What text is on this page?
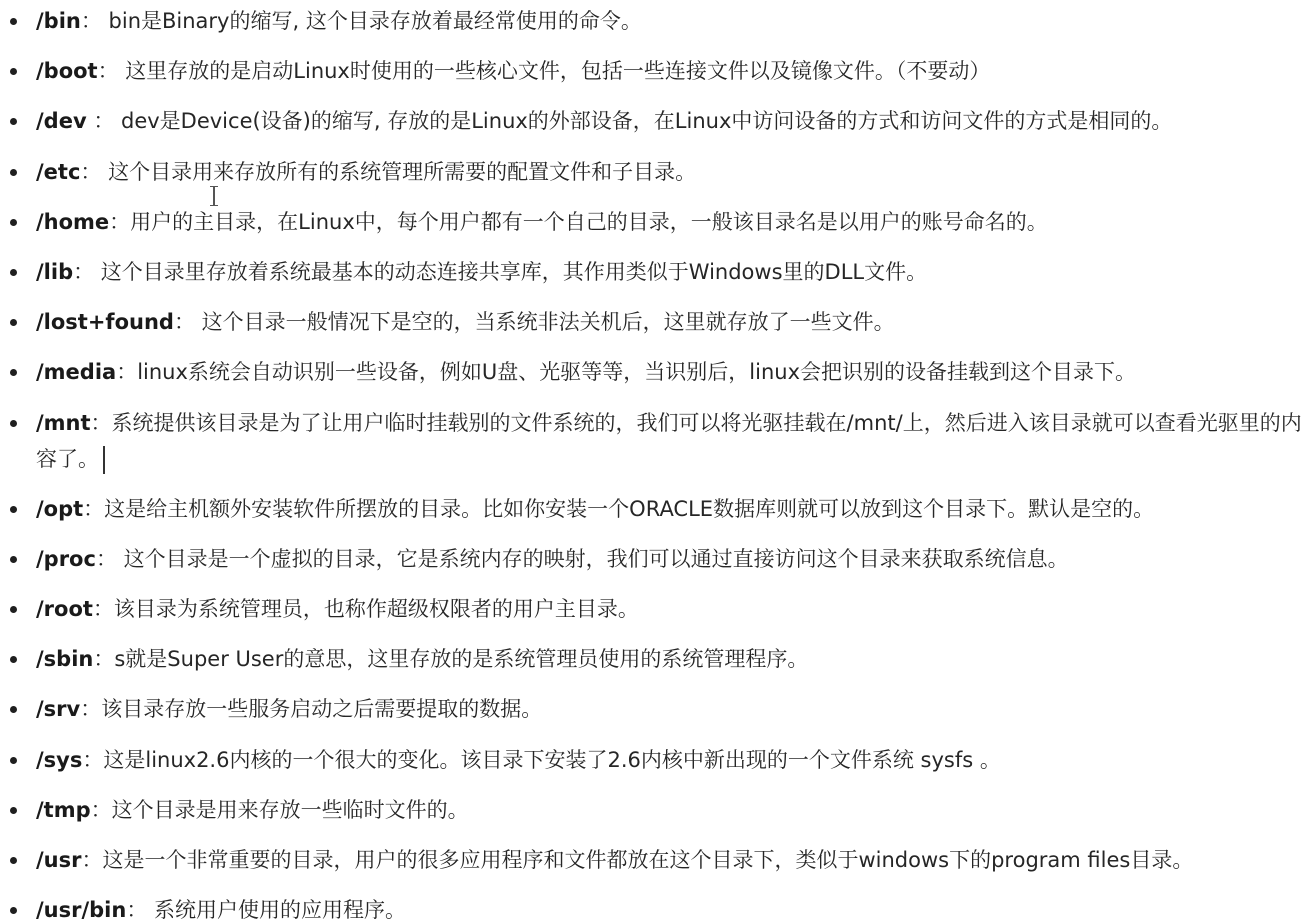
/bin： bin是Binary的缩写, 这个目录存放着最经常使用的命令。
/boot： 这里存放的是启动Linux时使用的一些核心文件，包括一些连接文件以及镜像文件。（不要动）
/dev ： dev是Device(设备)的缩写, 存放的是Linux的外部设备，在Linux中访问设备的方式和访问文件的方式是相同的。
/etc： 这个目录用来存放所有的系统管理所需要的配置文件和子目录。
/home：用户的主目录，在Linux中，每个用户都有一个自己的目录，一般该目录名是以用户的账号命名的。
/lib： 这个目录里存放着系统最基本的动态连接共享库，其作用类似于Windows里的DLL文件。
/lost+found： 这个目录一般情况下是空的，当系统非法关机后，这里就存放了一些文件。
/media：linux系统会自动识别一些设备，例如U盘、光驱等等，当识别后，linux会把识别的设备挂载到这个目录下。
/mnt：系统提供该目录是为了让用户临时挂载别的文件系统的，我们可以将光驱挂载在/mnt/上，然后进入该目录就可以查看光驱里的内容了。
/opt：这是给主机额外安装软件所摆放的目录。比如你安装一个ORACLE数据库则就可以放到这个目录下。默认是空的。
/proc： 这个目录是一个虚拟的目录，它是系统内存的映射，我们可以通过直接访问这个目录来获取系统信息。
/root：该目录为系统管理员，也称作超级权限者的用户主目录。
/sbin：s就是Super User的意思，这里存放的是系统管理员使用的系统管理程序。
/srv：该目录存放一些服务启动之后需要提取的数据。
/sys：这是linux2.6内核的一个很大的变化。该目录下安装了2.6内核中新出现的一个文件系统 sysfs 。
/tmp：这个目录是用来存放一些临时文件的。
/usr：这是一个非常重要的目录，用户的很多应用程序和文件都放在这个目录下，类似于windows下的program files目录。
/usr/bin： 系统用户使用的应用程序。
